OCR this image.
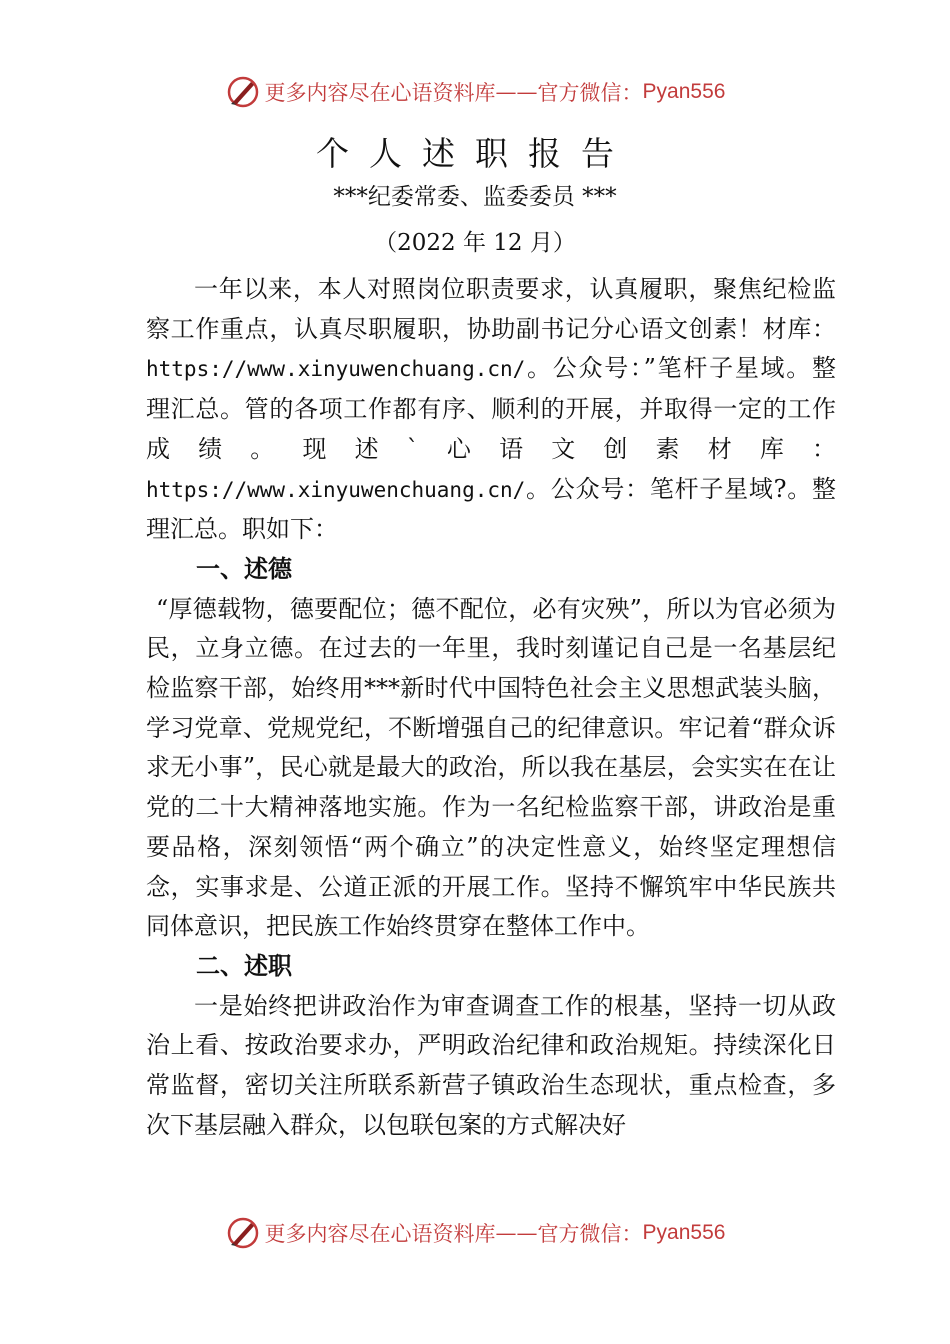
更多内容尽在心语资料库 —— 官方微信： Pyan556
个人述职报告
***纪委常委、监委委员 ***
（2022 年 12 月）

一年以来，本人对照岗位职责要求，认真履职，聚焦纪检监察工作重点，认真尽职履职，协助副书记分心语文创素！材库：https://www.xinyuwenchuang.cn/。公众号：”笔杆子星域。整理汇总。管的各项工作都有序、顺利的开展，并取得一定的工作成绩。现述`心语文创素材库：https://www.xinyuwenchuang.cn/。公众号：笔杆子星域?。整理汇总。职如下：

一、述德

“厚德载物，德要配位；德不配位，必有灾殃”，所以为官必须为民，立身立德。在过去的一年里，我时刻谨记自己是一名基层纪检监察干部，始终用***新时代中国特色社会主义思想武装头脑，学习党章、党规党纪，不断增强自己的纪律意识。牢记着“群众诉求无小事”，民心就是最大的政治，所以我在基层，会实实在在让党的二十大精神落地实施。作为一名纪检监察干部，讲政治是重要品格，深刻领悟“两个确立”的决定性意义，始终坚定理想信念，实事求是、公道正派的开展工作。坚持不懈筑牢中华民族共同体意识，把民族工作始终贯穿在整体工作中。

二、述职

一是始终把讲政治作为审查调查工作的根基，坚持一切从政治上看、按政治要求办，严明政治纪律和政治规矩。持续深化日常监督，密切关注所联系新营子镇政治生态现状，重点检查，多次下基层融入群众，以包联包案的方式解决好

更多内容尽在心语资料库 —— 官方微信： Pyan556
